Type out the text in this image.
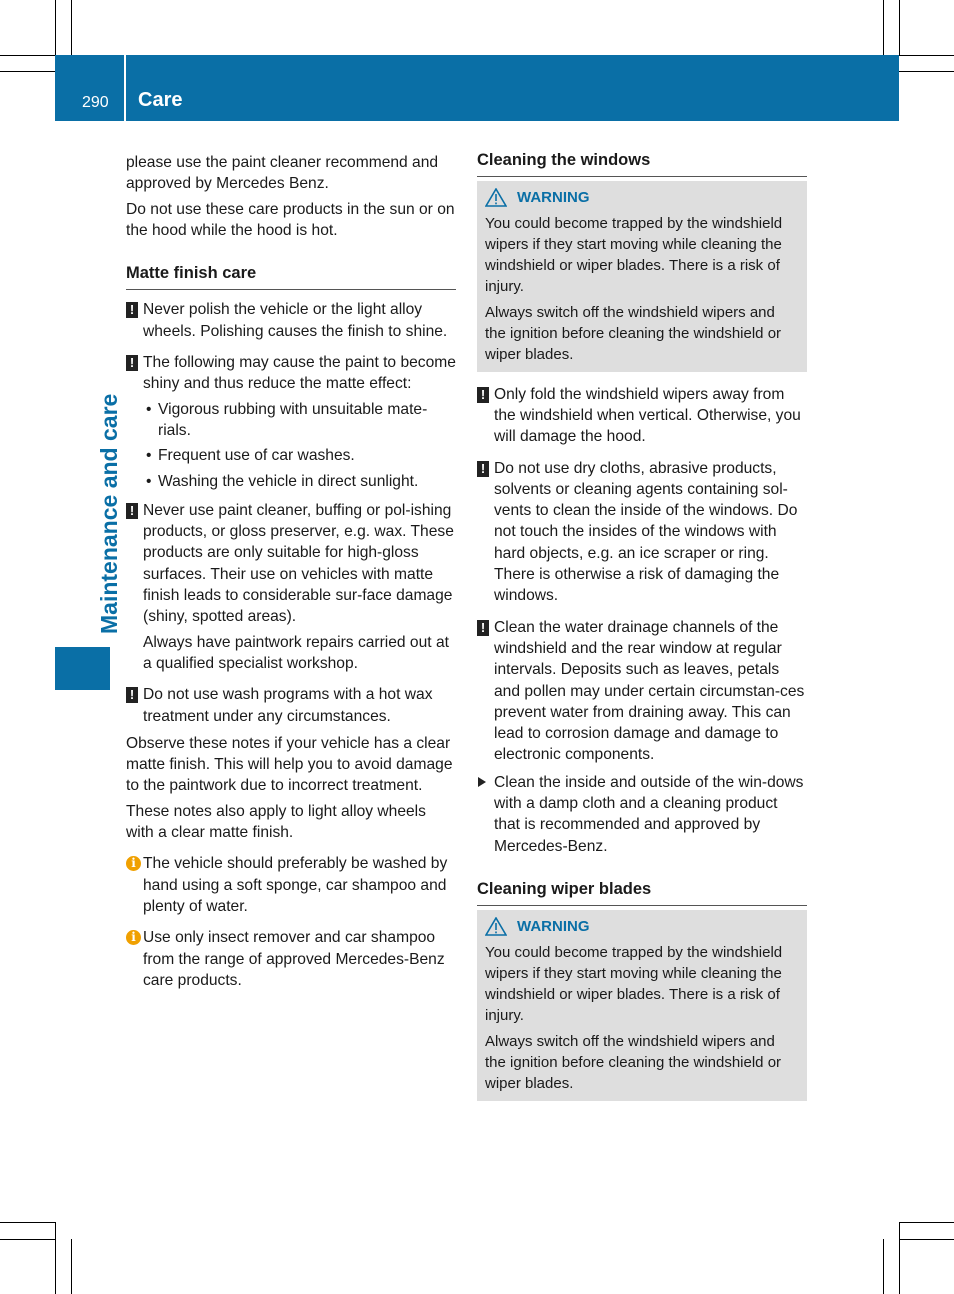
290 Care
Maintenance and care

please use the paint cleaner recommend and approved by Mercedes Benz.

Do not use these care products in the sun or on the hood while the hood is hot.

Matte finish care
! Never polish the vehicle or the light alloy wheels. Polishing causes the finish to shine.

! The following may cause the paint to become shiny and thus reduce the matte effect:

• Vigorous rubbing with unsuitable mate-rials.
• Frequent use of car washes.
• Washing the vehicle in direct sunlight.
! Never use paint cleaner, buffing or pol-ishing products, or gloss preserver, e.g. wax. These products are only suitable for high-gloss surfaces. Their use on vehicles with matte finish leads to considerable sur-face damage (shiny, spotted areas).

Always have paintwork repairs carried out at a qualified specialist workshop.

! Do not use wash programs with a hot wax treatment under any circumstances.

Observe these notes if your vehicle has a clear matte finish. This will help you to avoid damage to the paintwork due to incorrect treatment.

These notes also apply to light alloy wheels with a clear matte finish.

i The vehicle should preferably be washed by hand using a soft sponge, car shampoo and plenty of water.

i Use only insect remover and car shampoo from the range of approved Mercedes-Benz care products.

Cleaning the windows
WARNING

You could become trapped by the windshield wipers if they start moving while cleaning the windshield or wiper blades. There is a risk of injury.

Always switch off the windshield wipers and the ignition before cleaning the windshield or wiper blades.

! Only fold the windshield wipers away from the windshield when vertical. Otherwise, you will damage the hood.

! Do not use dry cloths, abrasive products, solvents or cleaning agents containing sol-vents to clean the inside of the windows. Do not touch the insides of the windows with hard objects, e.g. an ice scraper or ring. There is otherwise a risk of damaging the windows.

! Clean the water drainage channels of the windshield and the rear window at regular intervals. Deposits such as leaves, petals and pollen may under certain circumstan-ces prevent water from draining away. This can lead to corrosion damage and damage to electronic components.

Clean the inside and outside of the win-dows with a damp cloth and a cleaning product that is recommended and approved by Mercedes-Benz.

Cleaning wiper blades
WARNING

You could become trapped by the windshield wipers if they start moving while cleaning the windshield or wiper blades. There is a risk of injury.

Always switch off the windshield wipers and the ignition before cleaning the windshield or wiper blades.
